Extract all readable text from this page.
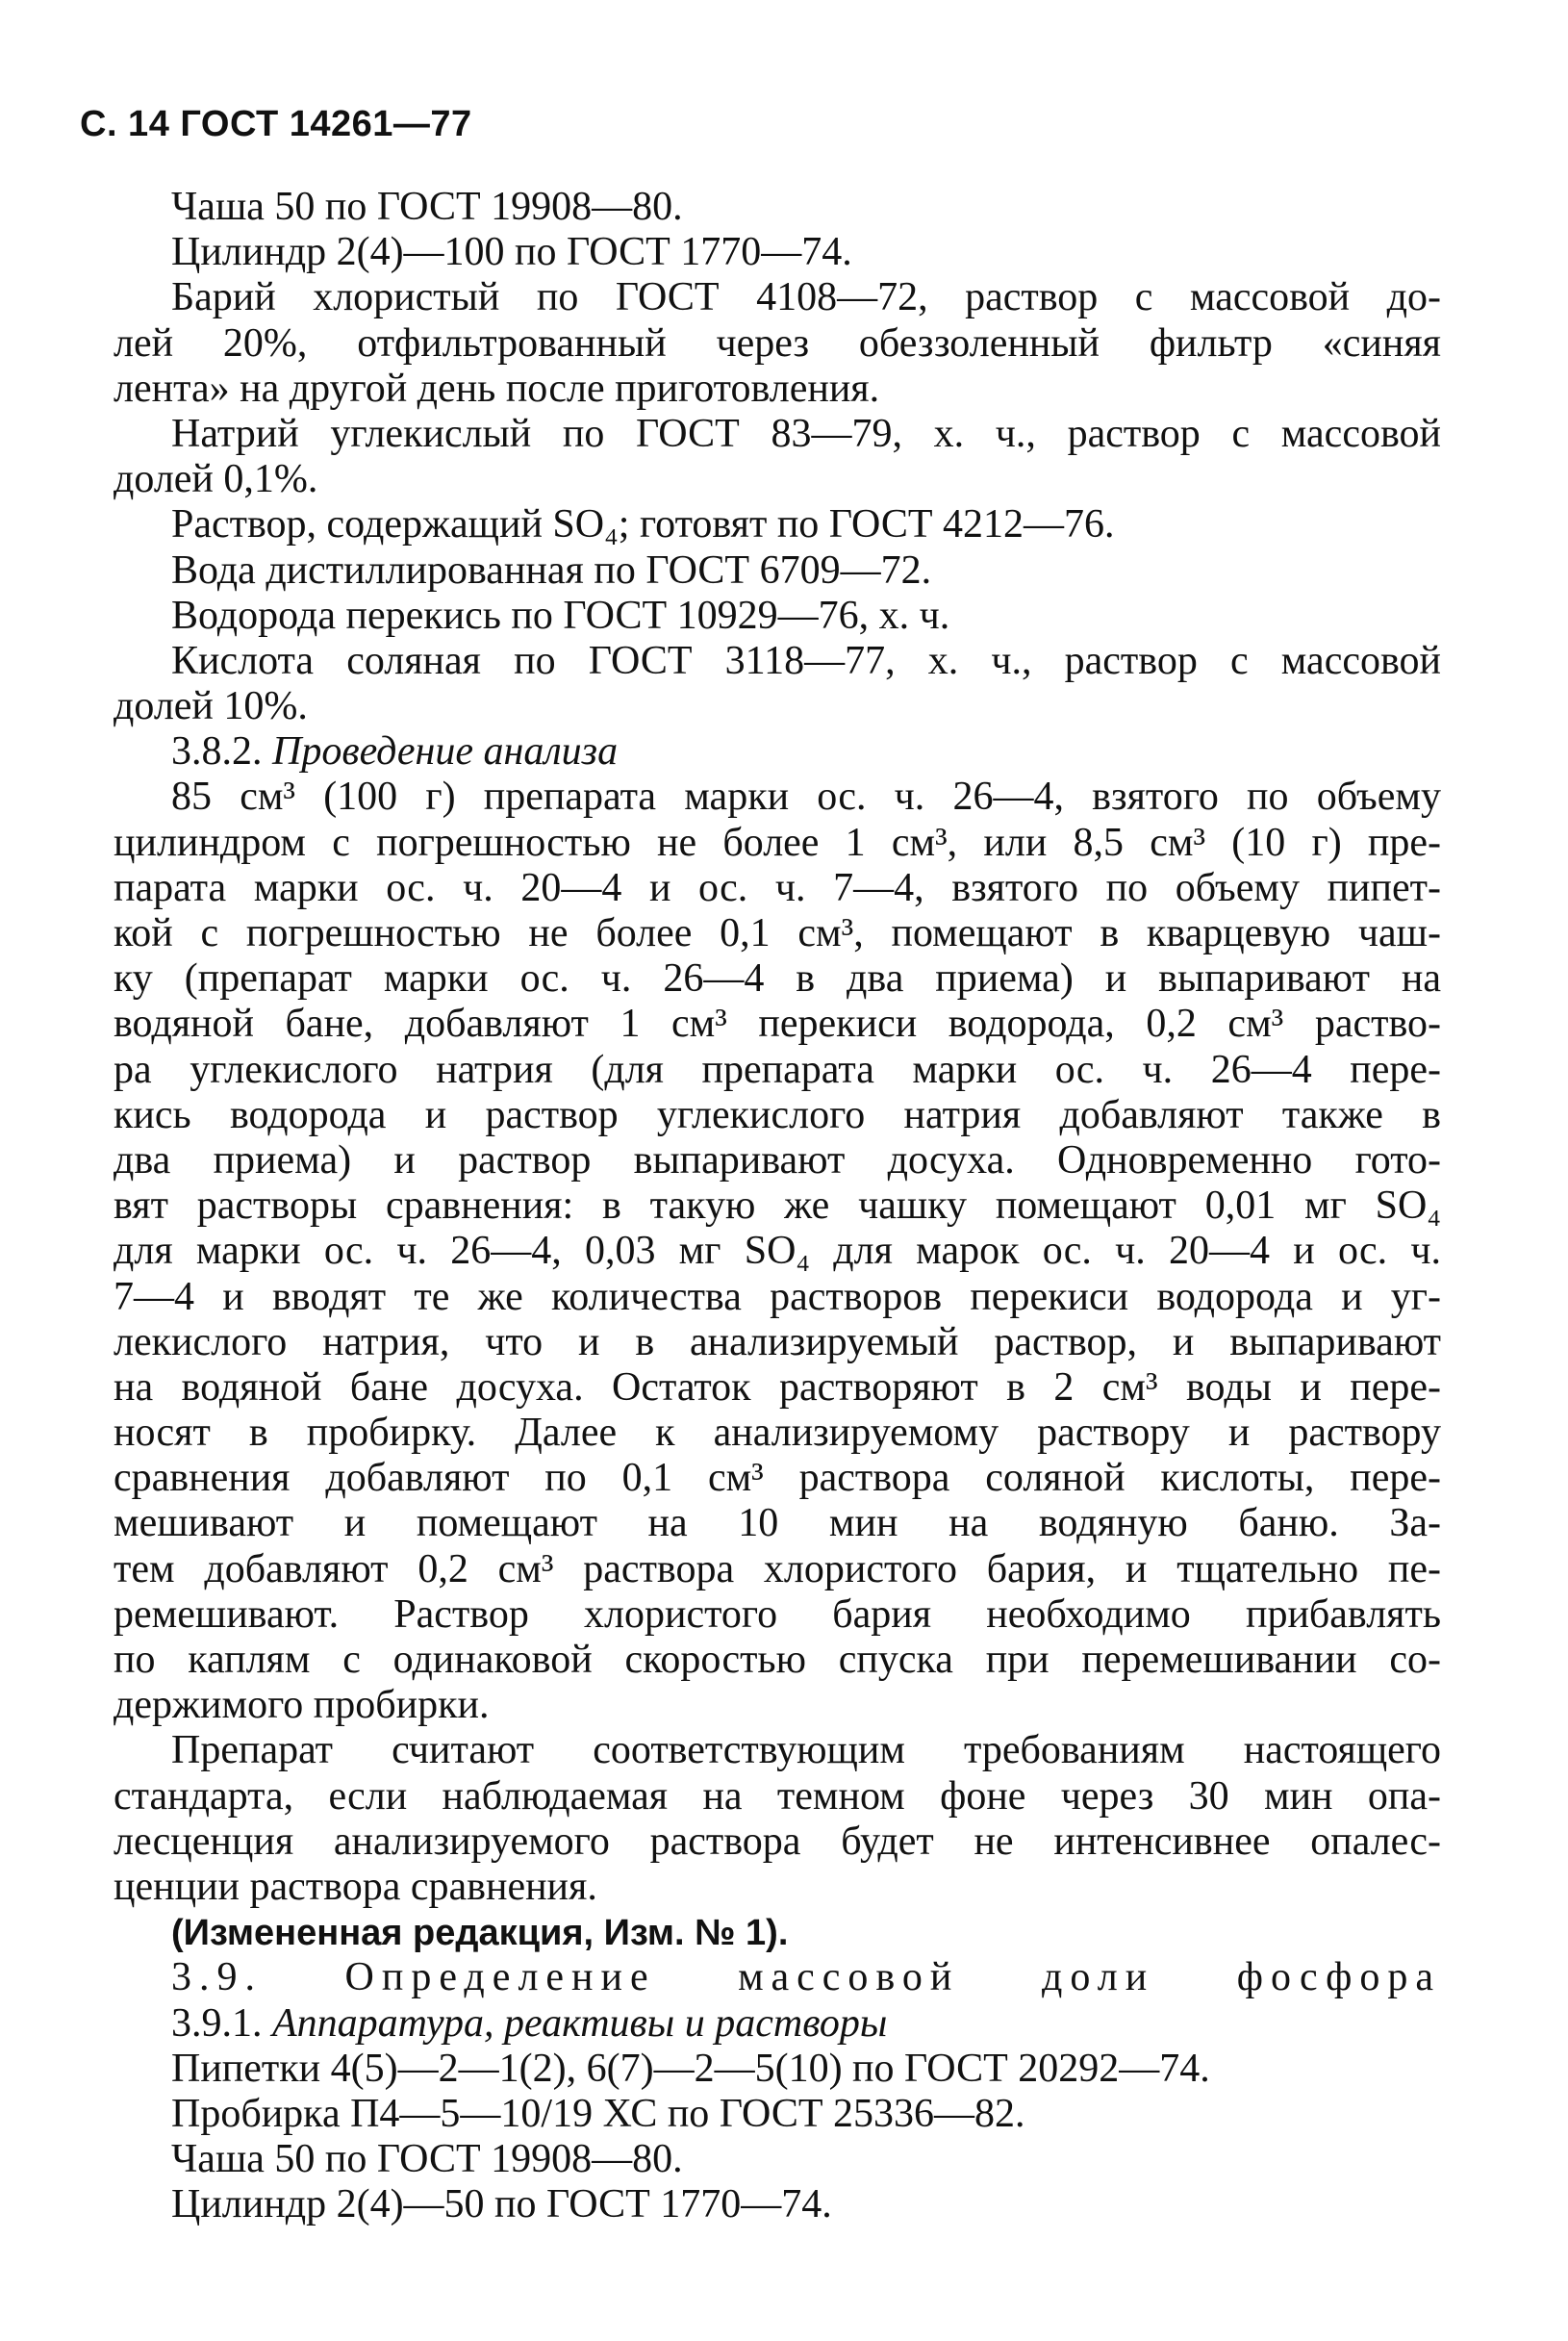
С. 14 ГОСТ 14261—77
Чаша 50 по ГОСТ 19908—80.
Цилиндр 2(4)—100 по ГОСТ 1770—74.
Барий хлористый по ГОСТ 4108—72, раствор с массовой до-
лей 20%, отфильтрованный через обеззоленный фильтр «синяя
лента» на другой день после приготовления.
Натрий углекислый по ГОСТ 83—79, х. ч., раствор с массовой
долей 0,1%.
Раствор, содержащий SO₄; готовят по ГОСТ 4212—76.
Вода дистиллированная по ГОСТ 6709—72.
Водорода перекись по ГОСТ 10929—76, х. ч.
Кислота соляная по ГОСТ 3118—77, х. ч., раствор с массовой
долей 10%.
3.8.2. Проведение анализа
85 см³ (100 г) препарата марки ос. ч. 26—4, взятого по объему
цилиндром с погрешностью не более 1 см³, или 8,5 см³ (10 г) пре-
парата марки ос. ч. 20—4 и ос. ч. 7—4, взятого по объему пипет-
кой с погрешностью не более 0,1 см³, помещают в кварцевую чаш-
ку (препарат марки ос. ч. 26—4 в два приема) и выпаривают на
водяной бане, добавляют 1 см³ перекиси водорода, 0,2 см³ раство-
ра углекислого натрия (для препарата марки ос. ч. 26—4 пере-
кись водорода и раствор углекислого натрия добавляют также в
два приема) и раствор выпаривают досуха. Одновременно гото-
вят растворы сравнения: в такую же чашку помещают 0,01 мг SO₄
для марки ос. ч. 26—4, 0,03 мг SO₄ для марок ос. ч. 20—4 и ос. ч.
7—4 и вводят те же количества растворов перекиси водорода и уг-
лекислого натрия, что и в анализируемый раствор, и выпаривают
на водяной бане досуха. Остаток растворяют в 2 см³ воды и пере-
носят в пробирку. Далее к анализируемому раствору и раствору
сравнения добавляют по 0,1 см³ раствора соляной кислоты, пере-
мешивают и помещают на 10 мин на водяную баню. За-
тем добавляют 0,2 см³ раствора хлористого бария, и тщательно пе-
ремешивают. Раствор хлористого бария необходимо прибавлять
по каплям с одинаковой скоростью спуска при перемешивании со-
держимого пробирки.
Препарат считают соответствующим требованиям настоящего
стандарта, если наблюдаемая на темном фоне через 30 мин опа-
лесценция анализируемого раствора будет не интенсивнее опалес-
ценции раствора сравнения.
(Измененная редакция, Изм. № 1).
3.9. Определение массовой доли фосфора
3.9.1. Аппаратура, реактивы и растворы
Пипетки 4(5)—2—1(2), 6(7)—2—5(10) по ГОСТ 20292—74.
Пробирка П4—5—10/19 ХС по ГОСТ 25336—82.
Чаша 50 по ГОСТ 19908—80.
Цилиндр 2(4)—50 по ГОСТ 1770—74.
